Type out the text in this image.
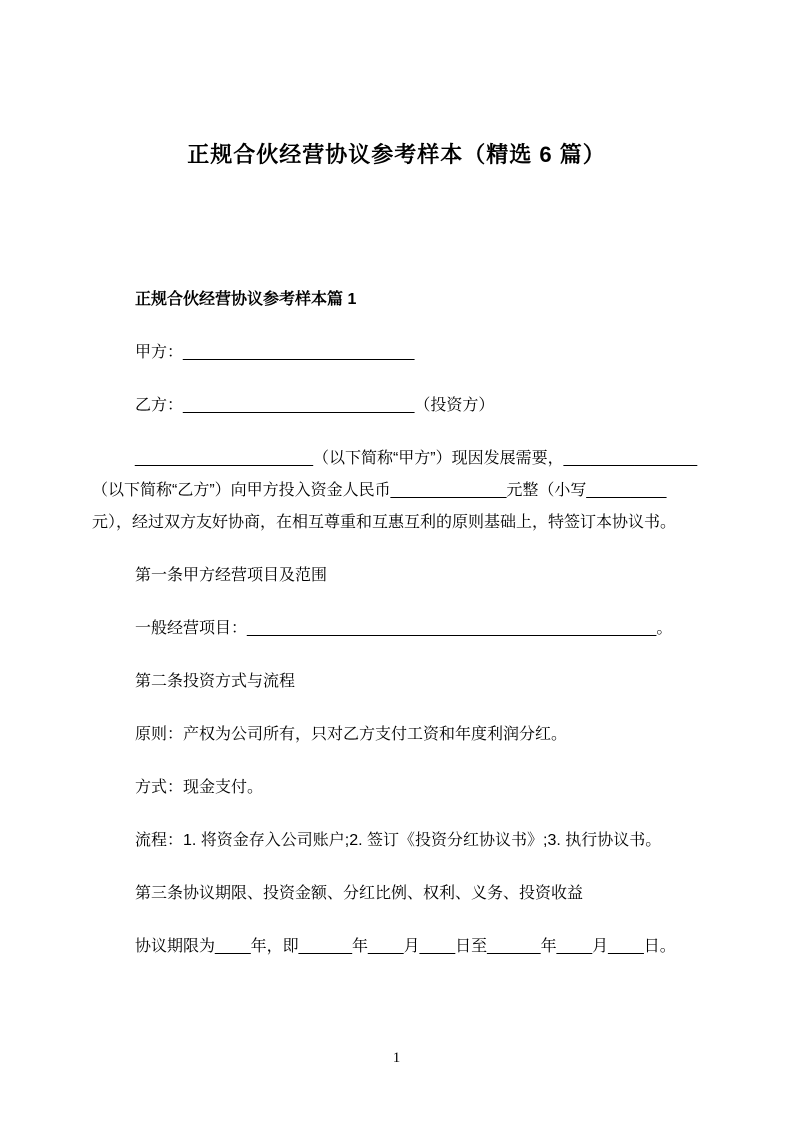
正规合伙经营协议参考样本（精选 6 篇）
正规合伙经营协议参考样本篇 1

甲方：__________________________

乙方：__________________________（投资方）

____________________（以下简称“甲方”）现因发展需要，_______________（以下简称“乙方”）向甲方投入资金人民币_____________元整（小写_________元），经过双方友好协商，在相互尊重和互惠互利的原则基础上，特签订本协议书。

第一条甲方经营项目及范围

一般经营项目：______________________________________________。

第二条投资方式与流程

原则：产权为公司所有，只对乙方支付工资和年度利润分红。

方式：现金支付。

流程：1. 将资金存入公司账户;2. 签订《投资分红协议书》;3. 执行协议书。

第三条协议期限、投资金额、分红比例、权利、义务、投资收益

协议期限为____年，即______年____月____日至______年____月____日。

1
